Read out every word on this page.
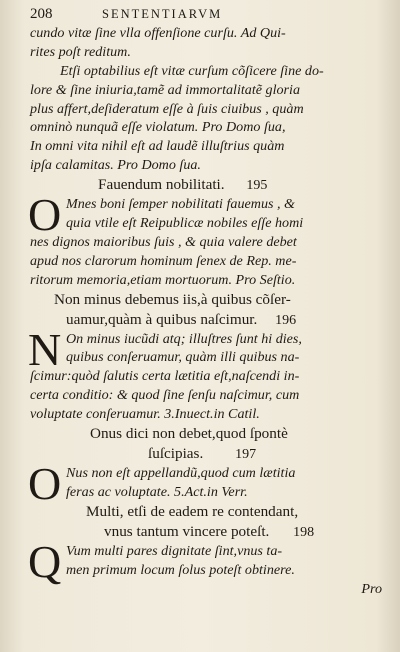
208	SENTENTIARVM
cundo vitæ ſine vlla offenſione curſu. Ad Qui-
rites poſt reditum.
Etſi optabilius eſt vitæ curſum cõſicere ſine do-
lore & ſine iniuria,tamẽ ad immortalitatẽ gloria
plus affert,deſideratum eſſe à ſuis ciuibus , quàm
omninò nunquã eſſe violatum. Pro Domo ſua,
In omni vita nihil eſt ad laudẽ illuſtrius quàm
ipſa calamitas. Pro Domo ſua.
Fauendum nobilitati. 195
O Mnes boni ſemper nobilitati fauemus , &
quia vtile eſt Reipublicæ nobiles eſſe homi
nes dignos maioribus ſuis , & quia valere debet
apud nos clarorum hominum ſenex de Rep. me-
ritorum memoria,etiam mortuorum. Pro Seſtio.
Non minus debemus iis,à quibus cõſer-
uamur,quàm à quibus naſcimur. 196
N On minus iucũdi atq; illuſtres ſunt hi dies,
quibus conſeruamur, quàm illi quibus na-
ſcimur:quòd ſalutis certa lætitia eſt,naſcendi in-
certa conditio: & quod ſine ſenſu naſcimur, cum
voluptate conſeruamur. 3.Inuect.in Catil.
Onus dici non debet,quod ſpontè
ſuſcipias. 197
O Nus non eſt appellandũ,quod cum lætitia
feras ac voluptate. 5.Act.in Verr.
Multi, etſi de eadem re contendant,
vnus tantum vincere poteſt. 198
Q Vum multi pares dignitate ſint,vnus ta-
men primum locum ſolus poteſt obtinere.
Pro
